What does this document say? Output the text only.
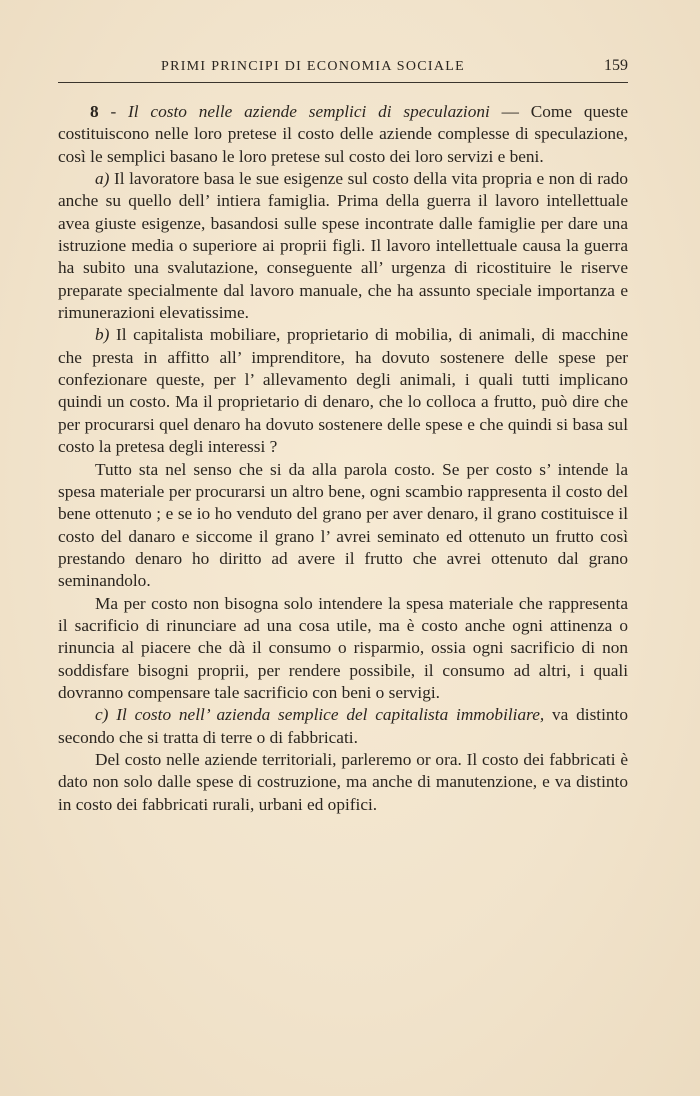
PRIMI PRINCIPI DI ECONOMIA SOCIALE	159

8 - Il costo nelle aziende semplici di speculazioni — Come queste costituiscono nelle loro pretese il costo delle aziende complesse di speculazione, così le semplici basano le loro pretese sul costo dei loro servizi e beni.

a) Il lavoratore basa le sue esigenze sul costo della vita propria e non di rado anche su quello dell’ intiera famiglia. Prima della guerra il lavoro intellettuale avea giuste esigenze, basandosi sulle spese incontrate dalle famiglie per dare una istruzione media o superiore ai proprii figli. Il lavoro intellettuale causa la guerra ha subito una svalutazione, conseguente all’ urgenza di ricostituire le riserve preparate specialmente dal lavoro manuale, che ha assunto speciale importanza e rimunerazioni elevatissime.

b) Il capitalista mobiliare, proprietario di mobilia, di animali, di macchine che presta in affitto all’ imprenditore, ha dovuto sostenere delle spese per confezionare queste, per l’ allevamento degli animali, i quali tutti implicano quindi un costo. Ma il proprietario di denaro, che lo colloca a frutto, può dire che per procurarsi quel denaro ha dovuto sostenere delle spese e che quindi si basa sul costo la pretesa degli interessi ?

Tutto sta nel senso che si da alla parola costo. Se per costo s’ intende la spesa materiale per procurarsi un altro bene, ogni scambio rappresenta il costo del bene ottenuto ; e se io ho venduto del grano per aver denaro, il grano costituisce il costo del danaro e siccome il grano l’ avrei seminato ed ottenuto un frutto così prestando denaro ho diritto ad avere il frutto che avrei ottenuto dal grano seminandolo.

Ma per costo non bisogna solo intendere la spesa materiale che rappresenta il sacrificio di rinunciare ad una cosa utile, ma è costo anche ogni attinenza o rinuncia al piacere che dà il consumo o risparmio, ossia ogni sacrificio di non soddisfare bisogni proprii, per rendere possibile, il consumo ad altri, i quali dovranno compensare tale sacrificio con beni o servigi.

c) Il costo nell’ azienda semplice del capitalista immobiliare, va distinto secondo che si tratta di terre o di fabbricati.

Del costo nelle aziende territoriali, parleremo or ora. Il costo dei fabbricati è dato non solo dalle spese di costruzione, ma anche di manutenzione, e va distinto in costo dei fabbricati rurali, urbani ed opifici.
